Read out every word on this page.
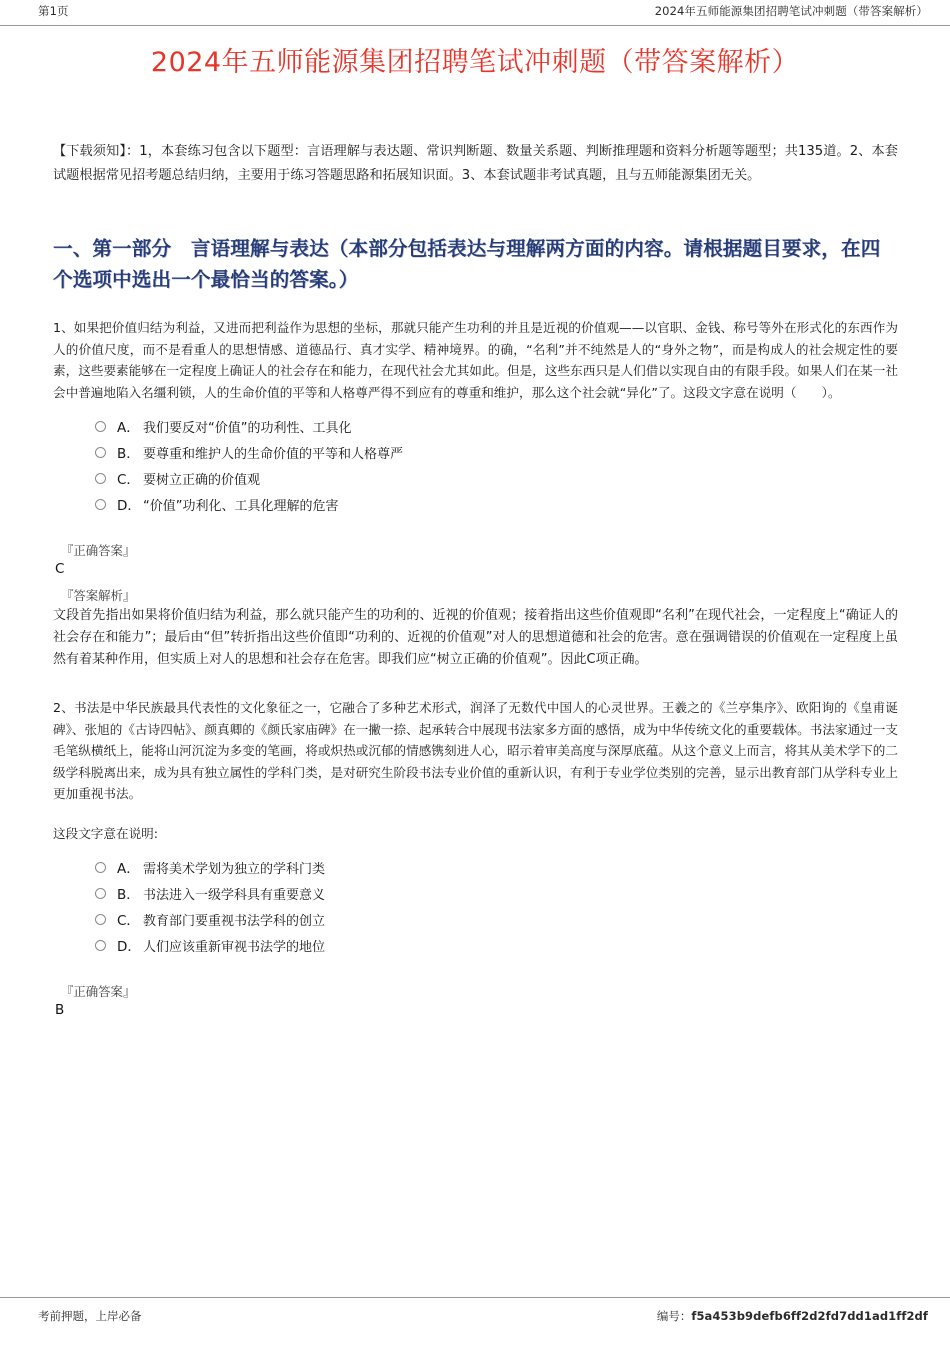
第1页	2024年五师能源集团招聘笔试冲刺题（带答案解析）
2024年五师能源集团招聘笔试冲刺题（带答案解析）

【下载须知】：1，本套练习包含以下题型：言语理解与表达题、常识判断题、数量关系题、判断推理题和资料分析题等题型；共135道。2、本套试题根据常见招考题总结归纳，主要用于练习答题思路和拓展知识面。3、本套试题非考试真题，且与五师能源集团无关。

一、第一部分　言语理解与表达（本部分包括表达与理解两方面的内容。请根据题目要求，在四个选项中选出一个最恰当的答案。）

1、如果把价值归结为利益，又进而把利益作为思想的坐标，那就只能产生功利的并且是近视的价值观——以官职、金钱、称号等外在形式化的东西作为人的价值尺度，而不是看重人的思想情感、道德品行、真才实学、精神境界。的确，“名利”并不纯然是人的“身外之物”，而是构成人的社会规定性的要素，这些要素能够在一定程度上确证人的社会存在和能力，在现代社会尤其如此。但是，这些东西只是人们借以实现自由的有限手段。如果人们在某一社会中普遍地陷入名缰利锁，人的生命价值的平等和人格尊严得不到应有的尊重和维护，那么这个社会就“异化”了。这段文字意在说明（　　）。

A． 我们要反对“价值”的功利性、工具化
B． 要尊重和维护人的生命价值的平等和人格尊严
C． 要树立正确的价值观
D． “价值”功利化、工具化理解的危害
『正确答案』
C
『答案解析』

文段首先指出如果将价值归结为利益，那么就只能产生的功利的、近视的价值观；接着指出这些价值观即“名利”在现代社会，一定程度上“确证人的社会存在和能力”；最后由“但”转折指出这些价值即“功利的、近视的价值观”对人的思想道德和社会的危害。意在强调错误的价值观在一定程度上虽然有着某种作用，但实质上对人的思想和社会存在危害。即我们应“树立正确的价值观”。因此C项正确。

2、书法是中华民族最具代表性的文化象征之一，它融合了多种艺术形式，润泽了无数代中国人的心灵世界。王羲之的《兰亭集序》、欧阳询的《皇甫诞碑》、张旭的《古诗四帖》、颜真卿的《颜氏家庙碑》在一撇一捺、起承转合中展现书法家多方面的感悟，成为中华传统文化的重要载体。书法家通过一支毛笔纵横纸上，能将山河沉淀为多变的笔画，将或炽热或沉郁的情感镌刻进人心，昭示着审美高度与深厚底蕴。从这个意义上而言，将其从美术学下的二级学科脱离出来，成为具有独立属性的学科门类，是对研究生阶段书法专业价值的重新认识，有利于专业学位类别的完善，显示出教育部门从学科专业上更加重视书法。

这段文字意在说明:

A． 需将美术学划为独立的学科门类
B． 书法进入一级学科具有重要意义
C． 教育部门要重视书法学科的创立
D． 人们应该重新审视书法学的地位
『正确答案』
B
考前押题，上岸必备	编号：f5a453b9defb6ff2d2fd7dd1ad1ff2df
